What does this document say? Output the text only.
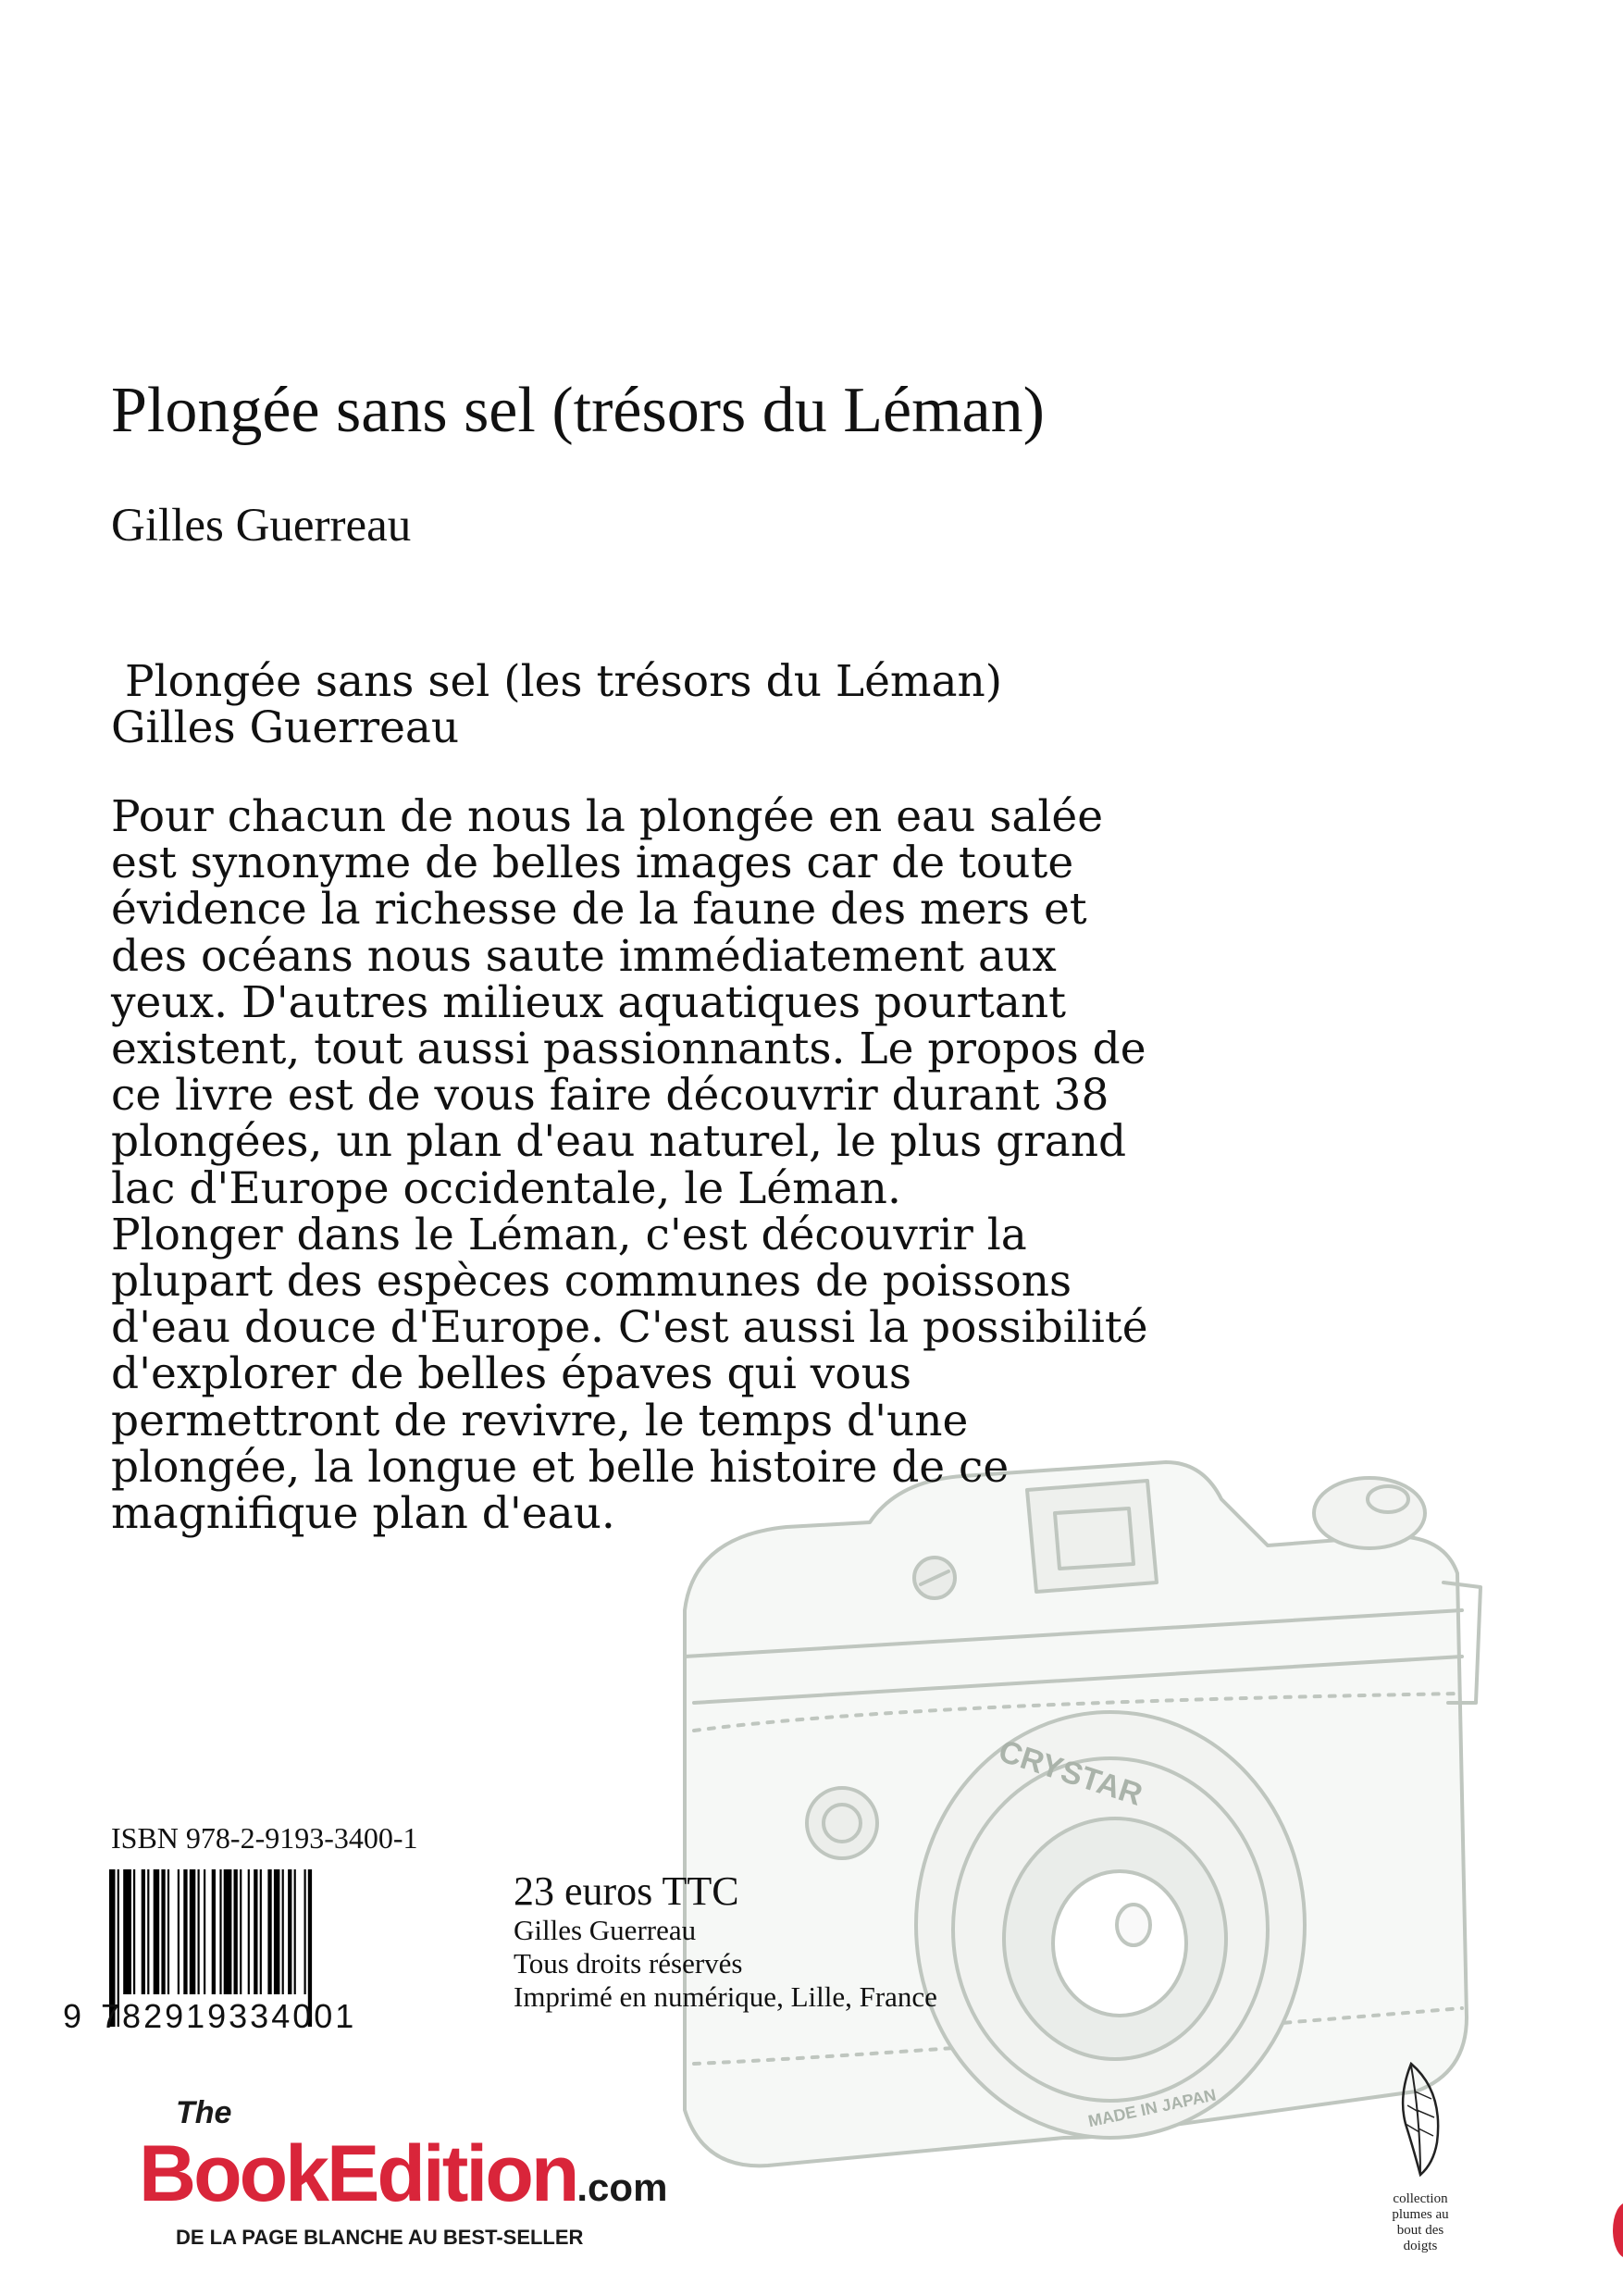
Plongée sans sel (trésors du Léman)
Gilles Guerreau
Plongée sans sel (les trésors du Léman)
Gilles Guerreau
Pour chacun de nous la plongée en eau salée
est synonyme de belles images car de toute
évidence la richesse de la faune des mers et
des océans nous saute immédiatement aux
yeux. D'autres milieux aquatiques pourtant
existent, tout aussi passionnants. Le propos de
ce livre est de vous faire découvrir durant 38
plongées, un plan d'eau naturel, le plus grand
lac d'Europe occidentale, le Léman.
Plonger dans le Léman, c'est découvrir la
plupart des espèces communes de poissons
d'eau douce d'Europe. C'est aussi la possibilité
d'explorer de belles épaves qui vous
permettront de revivre, le temps d'une
plongée, la longue et belle histoire de ce
magnifique plan d'eau.
CRYSTAR
MADE IN JAPAN
ISBN 978-2-9193-3400-1
9 782919334001
23 euros TTC
Gilles Guerreau
Tous droits réservés
Imprimé en numérique, Lille, France
The
BookEdition.com
DE LA PAGE BLANCHE AU BEST-SELLER
collection
plumes au
bout des
doigts
